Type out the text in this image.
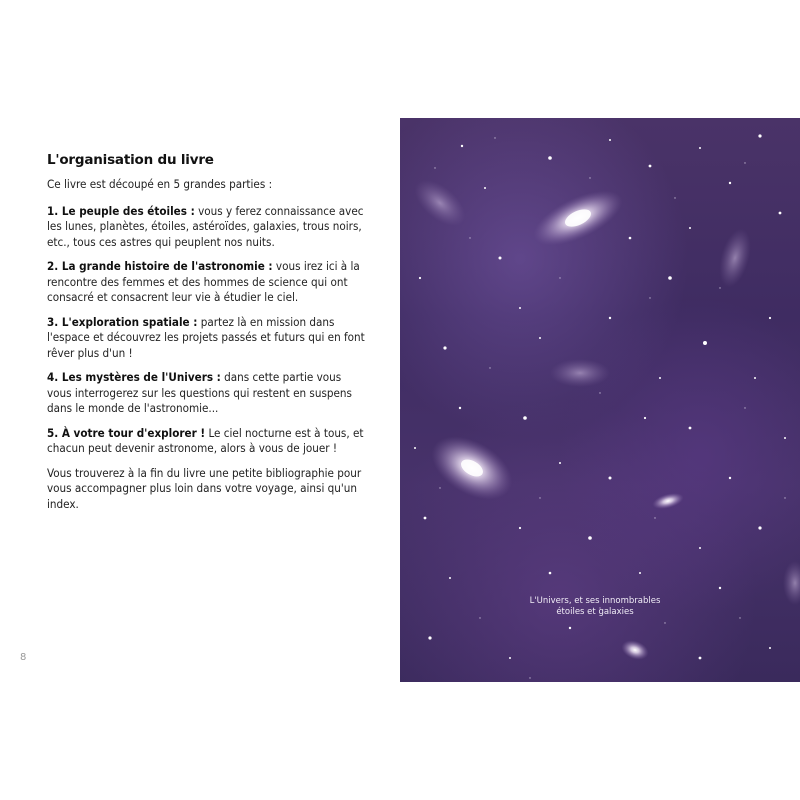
L'organisation du livre

Ce livre est découpé en 5 grandes parties :

1. Le peuple des étoiles : vous y ferez connaissance avec les lunes, planètes, étoiles, astéroïdes, galaxies, trous noirs, etc., tous ces astres qui peuplent nos nuits.
2. La grande histoire de l'astronomie : vous irez ici à la rencontre des femmes et des hommes de science qui ont consacré et consacrent leur vie à étudier le ciel.
3. L'exploration spatiale : partez là en mission dans l'espace et découvrez les projets passés et futurs qui en font rêver plus d'un !
4. Les mystères de l'Univers : dans cette partie vous vous interrogerez sur les questions qui restent en suspens dans le monde de l'astronomie...
5. À votre tour d'explorer ! Le ciel nocturne est à tous, et chacun peut devenir astronome, alors à vous de jouer !

Vous trouverez à la fin du livre une petite bibliographie pour vous accompagner plus loin dans votre voyage, ainsi qu'un index.

8
L'Univers, et ses innombrables
étoiles et galaxies
